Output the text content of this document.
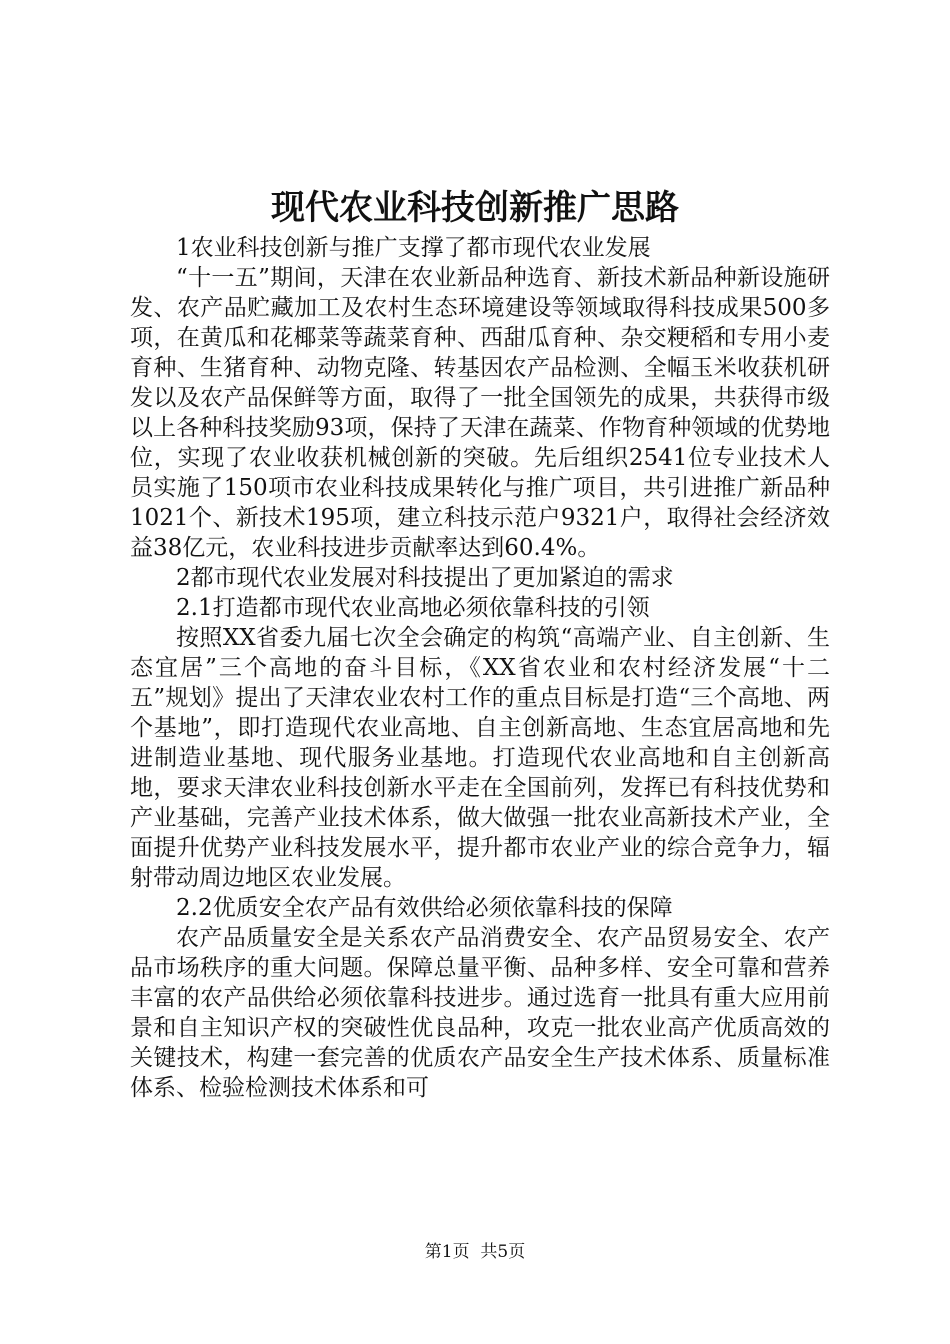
现代农业科技创新推广思路

1农业科技创新与推广支撑了都市现代农业发展

“十一五”期间，天津在农业新品种选育、新技术新品种新设施研发、农产品贮藏加工及农村生态环境建设等领域取得科技成果500多项，在黄瓜和花椰菜等蔬菜育种、西甜瓜育种、杂交粳稻和专用小麦育种、生猪育种、动物克隆、转基因农产品检测、全幅玉米收获机研发以及农产品保鲜等方面，取得了一批全国领先的成果，共获得市级以上各种科技奖励93项，保持了天津在蔬菜、作物育种领域的优势地位，实现了农业收获机械创新的突破。先后组织2541位专业技术人员实施了150项市农业科技成果转化与推广项目，共引进推广新品种1021个、新技术195项，建立科技示范户9321户，取得社会经济效益38亿元，农业科技进步贡献率达到60.4%。

2都市现代农业发展对科技提出了更加紧迫的需求

2.1打造都市现代农业高地必须依靠科技的引领

按照XX省委九届七次全会确定的构筑“高端产业、自主创新、生态宜居”三个高地的奋斗目标，《XX省农业和农村经济发展“十二五”规划》提出了天津农业农村工作的重点目标是打造“三个高地、两个基地”，即打造现代农业高地、自主创新高地、生态宜居高地和先进制造业基地、现代服务业基地。打造现代农业高地和自主创新高地，要求天津农业科技创新水平走在全国前列，发挥已有科技优势和产业基础，完善产业技术体系，做大做强一批农业高新技术产业，全面提升优势产业科技发展水平，提升都市农业产业的综合竞争力，辐射带动周边地区农业发展。

2.2优质安全农产品有效供给必须依靠科技的保障

农产品质量安全是关系农产品消费安全、农产品贸易安全、农产品市场秩序的重大问题。保障总量平衡、品种多样、安全可靠和营养丰富的农产品供给必须依靠科技进步。通过选育一批具有重大应用前景和自主知识产权的突破性优良品种，攻克一批农业高产优质高效的关键技术，构建一套完善的优质农产品安全生产技术体系、质量标准体系、检验检测技术体系和可

第1页  共5页
